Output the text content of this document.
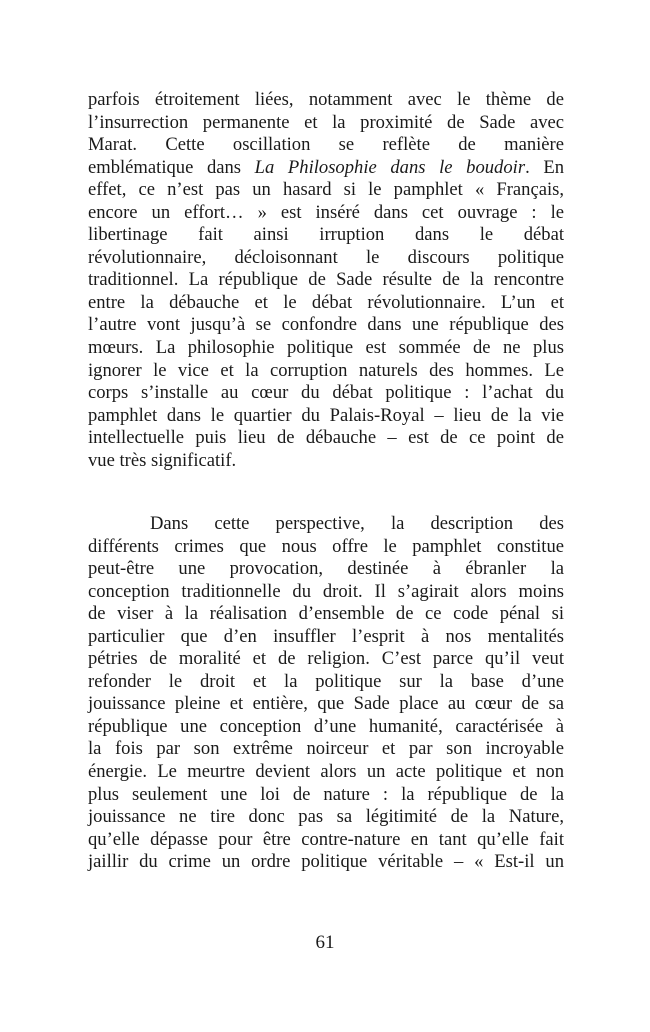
parfois étroitement liées, notamment avec le thème de
l’insurrection permanente et la proximité de Sade avec
Marat. Cette oscillation se reflète de manière
emblématique dans La Philosophie dans le boudoir. En
effet, ce n’est pas un hasard si le pamphlet « Français,
encore un effort… » est inséré dans cet ouvrage : le
libertinage fait ainsi irruption dans le débat
révolutionnaire, décloisonnant le discours politique
traditionnel. La république de Sade résulte de la rencontre
entre la débauche et le débat révolutionnaire. L’un et
l’autre vont jusqu’à se confondre dans une république des
mœurs. La philosophie politique est sommée de ne plus
ignorer le vice et la corruption naturels des hommes. Le
corps s’installe au cœur du débat politique : l’achat du
pamphlet dans le quartier du Palais-Royal – lieu de la vie
intellectuelle puis lieu de débauche – est de ce point de
vue très significatif.
Dans cette perspective, la description des
différents crimes que nous offre le pamphlet constitue
peut-être une provocation, destinée à ébranler la
conception traditionnelle du droit. Il s’agirait alors moins
de viser à la réalisation d’ensemble de ce code pénal si
particulier que d’en insuffler l’esprit à nos mentalités
pétries de moralité et de religion. C’est parce qu’il veut
refonder le droit et la politique sur la base d’une
jouissance pleine et entière, que Sade place au cœur de sa
république une conception d’une humanité, caractérisée à
la fois par son extrême noirceur et par son incroyable
énergie. Le meurtre devient alors un acte politique et non
plus seulement une loi de nature : la république de la
jouissance ne tire donc pas sa légitimité de la Nature,
qu’elle dépasse pour être contre-nature en tant qu’elle fait
jaillir du crime un ordre politique véritable – « Est-il un
61
